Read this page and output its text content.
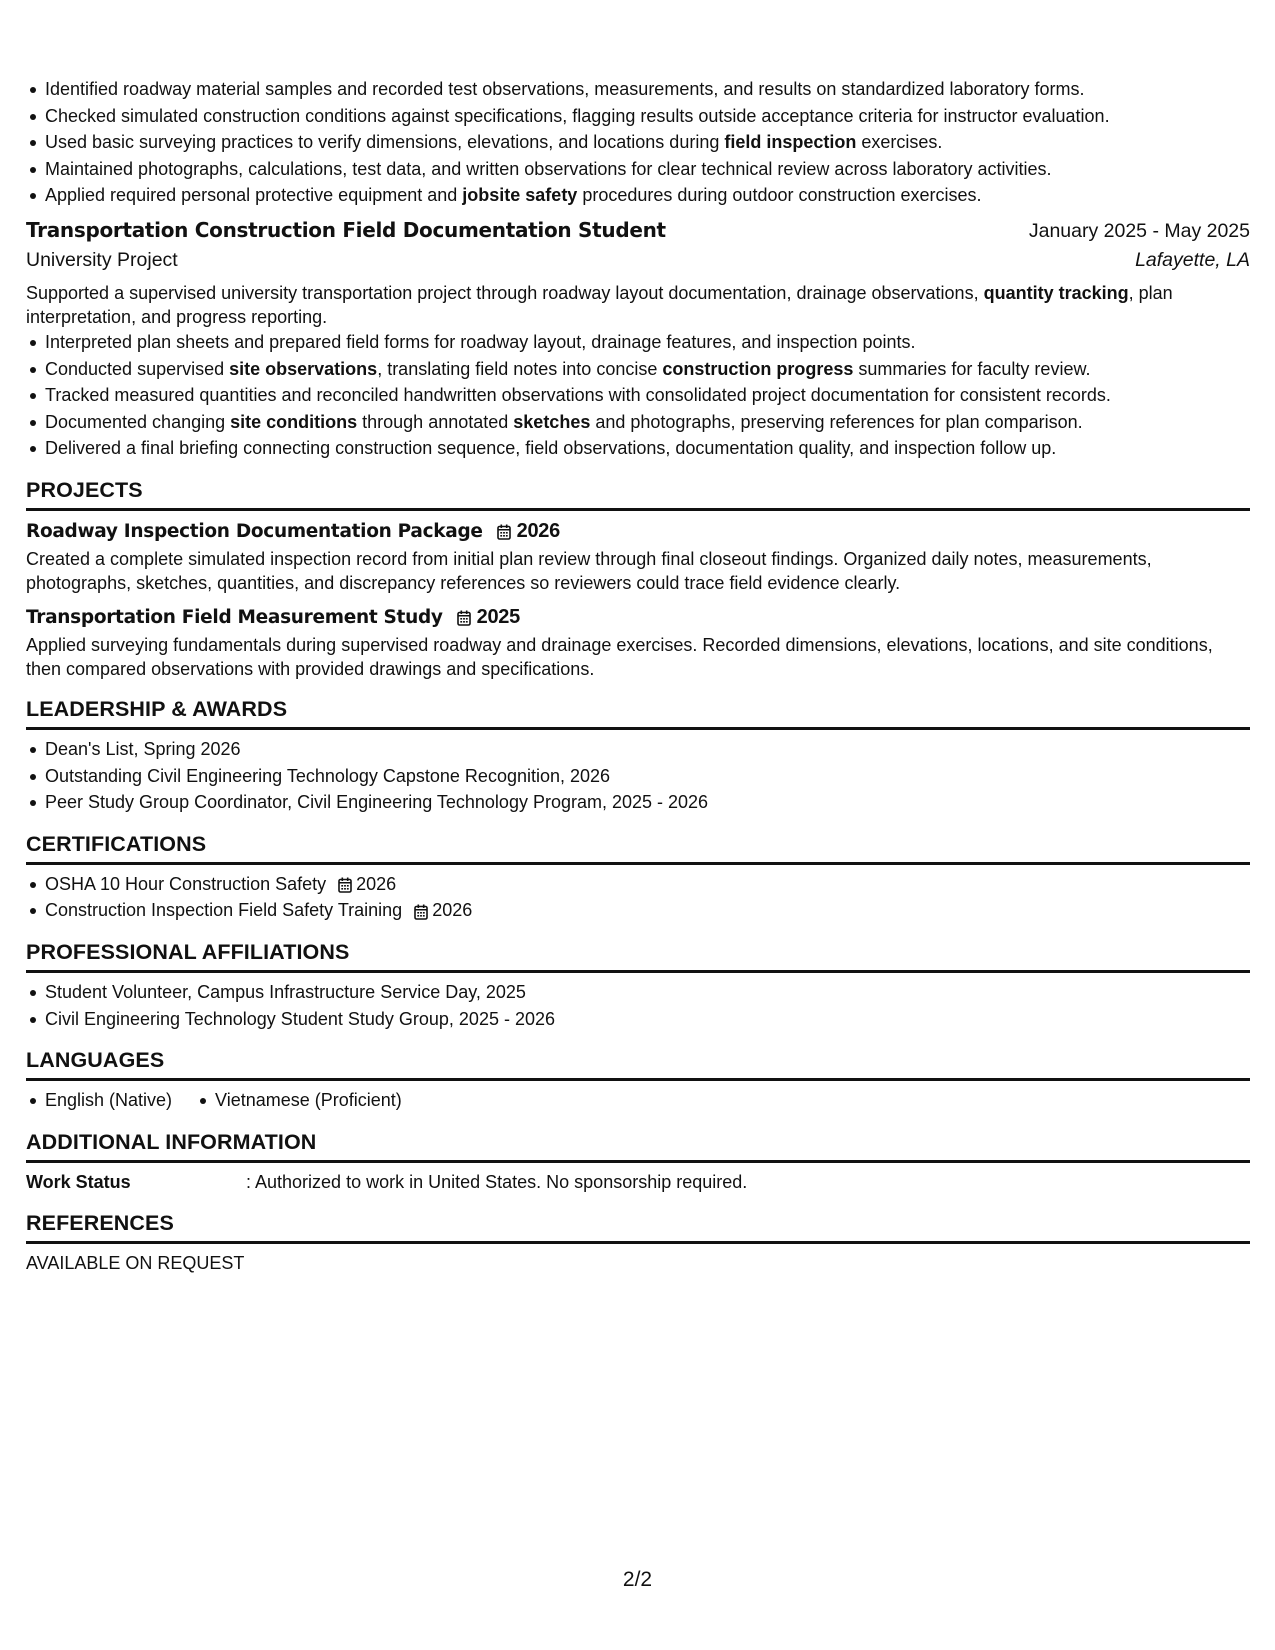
Identified roadway material samples and recorded test observations, measurements, and results on standardized laboratory forms.
Checked simulated construction conditions against specifications, flagging results outside acceptance criteria for instructor evaluation.
Used basic surveying practices to verify dimensions, elevations, and locations during field inspection exercises.
Maintained photographs, calculations, test data, and written observations for clear technical review across laboratory activities.
Applied required personal protective equipment and jobsite safety procedures during outdoor construction exercises.
Transportation Construction Field Documentation Student	January 2025 - May 2025
University Project	Lafayette, LA

Supported a supervised university transportation project through roadway layout documentation, drainage observations, quantity tracking, plan interpretation, and progress reporting.

Interpreted plan sheets and prepared field forms for roadway layout, drainage features, and inspection points.
Conducted supervised site observations, translating field notes into concise construction progress summaries for faculty review.
Tracked measured quantities and reconciled handwritten observations with consolidated project documentation for consistent records.
Documented changing site conditions through annotated sketches and photographs, preserving references for plan comparison.
Delivered a final briefing connecting construction sequence, field observations, documentation quality, and inspection follow up.
PROJECTS
Roadway Inspection Documentation Package 2026

Created a complete simulated inspection record from initial plan review through final closeout findings. Organized daily notes, measurements, photographs, sketches, quantities, and discrepancy references so reviewers could trace field evidence clearly.

Transportation Field Measurement Study 2025

Applied surveying fundamentals during supervised roadway and drainage exercises. Recorded dimensions, elevations, locations, and site conditions, then compared observations with provided drawings and specifications.

LEADERSHIP & AWARDS
Dean's List, Spring 2026
Outstanding Civil Engineering Technology Capstone Recognition, 2026
Peer Study Group Coordinator, Civil Engineering Technology Program, 2025 - 2026
CERTIFICATIONS
OSHA 10 Hour Construction Safety 2026
Construction Inspection Field Safety Training 2026
PROFESSIONAL AFFILIATIONS
Student Volunteer, Campus Infrastructure Service Day, 2025
Civil Engineering Technology Student Study Group, 2025 - 2026
LANGUAGES
English (Native)	Vietnamese (Proficient)
ADDITIONAL INFORMATION
Work Status	: Authorized to work in United States. No sponsorship required.
REFERENCES
AVAILABLE ON REQUEST
2/2
